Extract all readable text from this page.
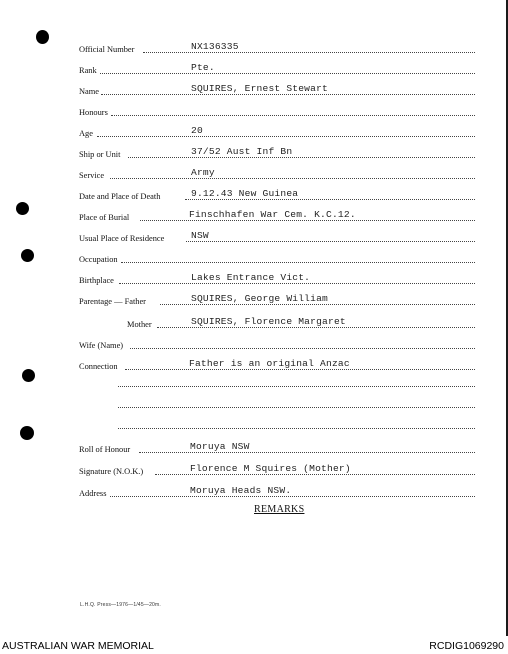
Official Number	NX136335
Rank	Pte.
Name	SQUIRES, Ernest Stewart
Honours
Age	20
Ship or Unit	37/52 Aust Inf Bn
Service	Army
Date and Place of Death	9.12.43 New Guinea
Place of Burial	Finschhafen War Cem. K.C.12.
Usual Place of Residence	NSW
Occupation
Birthplace	Lakes Entrance Vict.
Parentage — Father	SQUIRES, George William
Mother	SQUIRES, Florence Margaret
Wife (Name)
Connection	Father is an original Anzac
Roll of Honour	Moruya NSW
Signature (N.O.K.)	Florence M Squires (Mother)
Address	Moruya Heads NSW.
REMARKS
L.H.Q. Press—1976—1/45—20m.
AUSTRALIAN WAR MEMORIAL	RCDIG1069290
